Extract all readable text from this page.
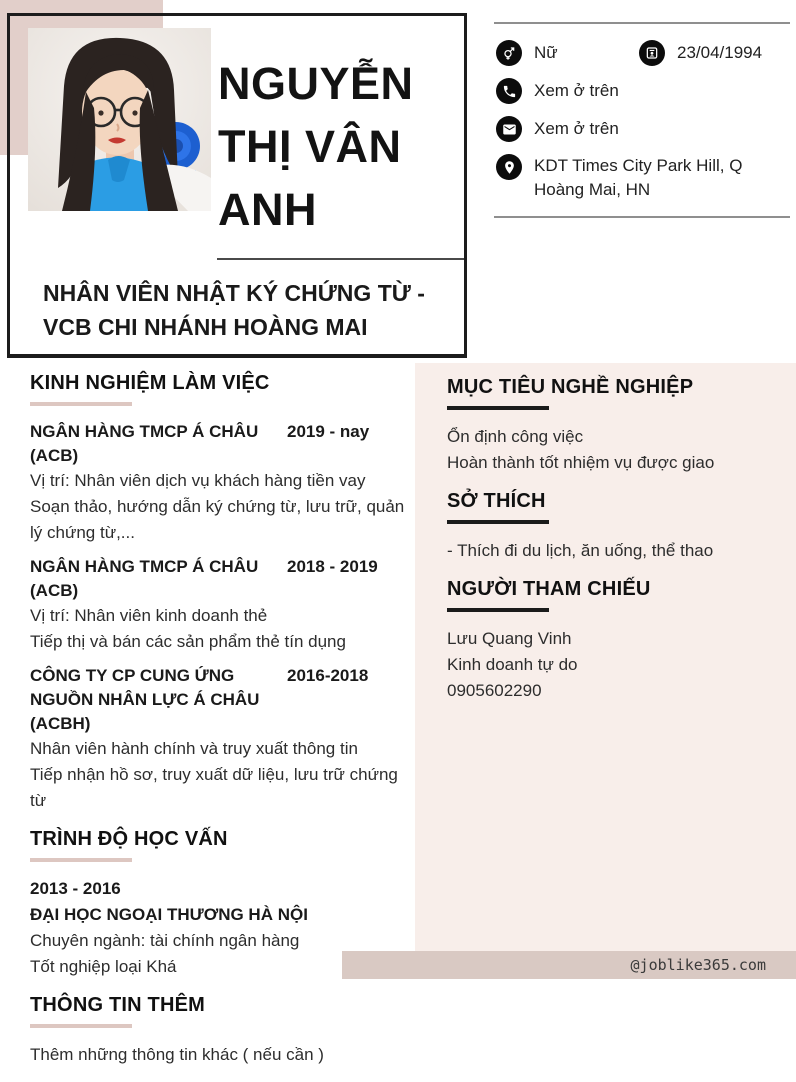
NGUYỄN
THỊ VÂN
ANH
NHÂN VIÊN NHẬT KÝ CHỨNG TỪ -
VCB CHI NHÁNH HOÀNG MAI
Nữ	23/04/1994
Xem ở trên
Xem ở trên
KDT Times City Park Hill, Q Hoàng Mai, HN
MỤC TIÊU NGHỀ NGHIỆP
Ổn định công việc
Hoàn thành tốt nhiệm vụ được giao
SỞ THÍCH
- Thích đi du lịch, ăn uống, thể thao
NGƯỜI THAM CHIẾU
Lưu Quang Vinh
Kinh doanh tự do
0905602290
KINH NGHIỆM LÀM VIỆC
NGÂN HÀNG TMCP Á CHÂU (ACB)
2019 - nay
Vị trí: Nhân viên dịch vụ khách hàng tiền vay
Soạn thảo, hướng dẫn ký chứng từ, lưu trữ, quản lý chứng từ,...
NGÂN HÀNG TMCP Á CHÂU (ACB)
2018 - 2019
Vị trí: Nhân viên kinh doanh thẻ
Tiếp thị và bán các sản phẩm thẻ tín dụng
CÔNG TY CP CUNG ỨNG NGUỒN NHÂN LỰC Á CHÂU (ACBH)
2016-2018
Nhân viên hành chính và truy xuất thông tin
Tiếp nhận hồ sơ, truy xuất dữ liệu, lưu trữ chứng từ
TRÌNH ĐỘ HỌC VẤN
2013 - 2016
ĐẠI HỌC NGOẠI THƯƠNG HÀ NỘI
Chuyên ngành: tài chính ngân hàng
Tốt nghiệp loại Khá
THÔNG TIN THÊM
Thêm những thông tin khác ( nếu cần )
@joblike365.com
